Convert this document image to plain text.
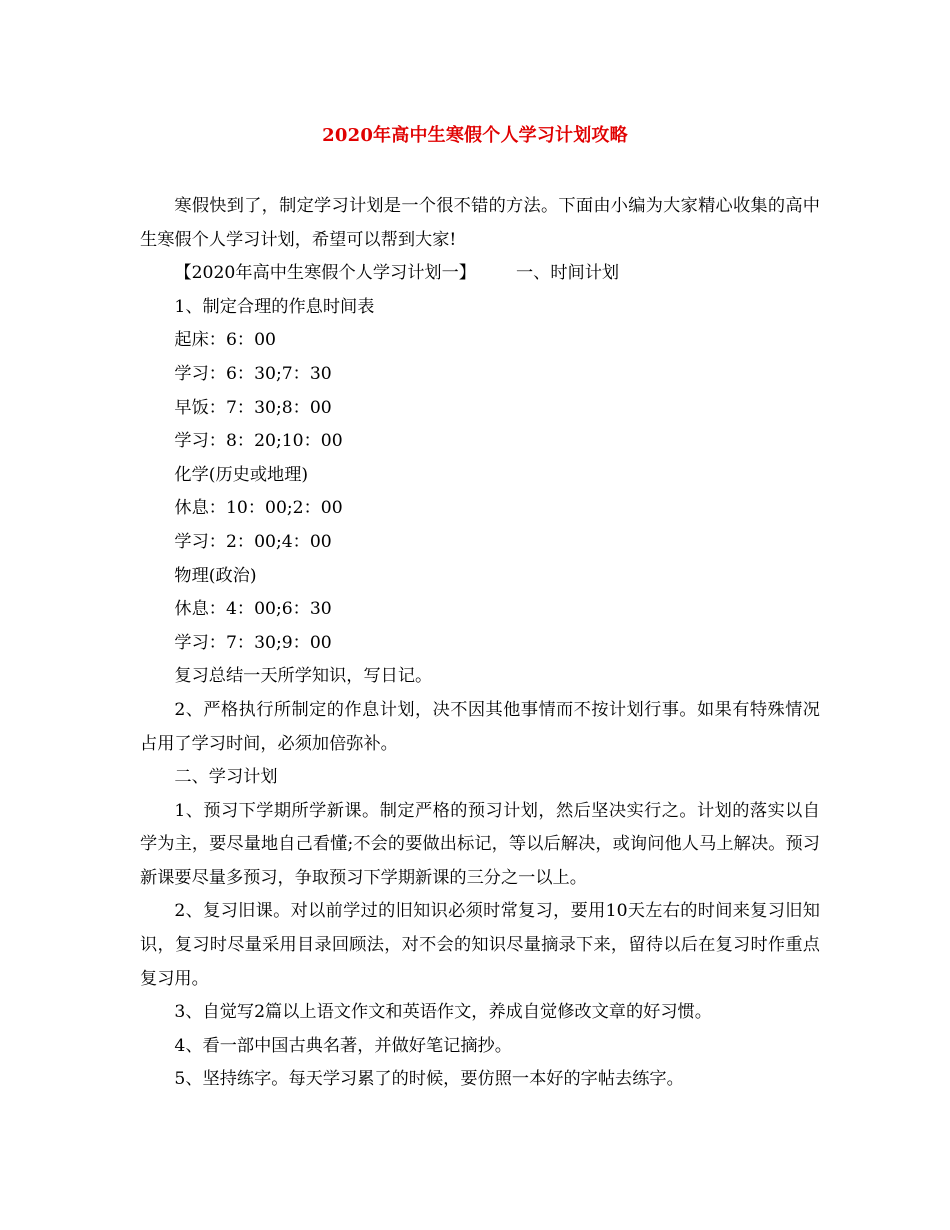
2020年高中生寒假个人学习计划攻略

寒假快到了，制定学习计划是一个很不错的方法。下面由小编为大家精心收集的高中生寒假个人学习计划，希望可以帮到大家!

【2020年高中生寒假个人学习计划一】 一、时间计划

1、制定合理的作息时间表

起床：6：00

学习：6：30;7：30

早饭：7：30;8：00

学习：8：20;10：00

化学(历史或地理)

休息：10：00;2：00

学习：2：00;4：00

物理(政治)

休息：4：00;6：30

学习：7：30;9：00

复习总结一天所学知识，写日记。

2、严格执行所制定的作息计划，决不因其他事情而不按计划行事。如果有特殊情况占用了学习时间，必须加倍弥补。

二、学习计划

1、预习下学期所学新课。制定严格的预习计划，然后坚决实行之。计划的落实以自学为主，要尽量地自己看懂;不会的要做出标记，等以后解决，或询问他人马上解决。预习新课要尽量多预习，争取预习下学期新课的三分之一以上。

2、复习旧课。对以前学过的旧知识必须时常复习，要用10天左右的时间来复习旧知识，复习时尽量采用目录回顾法，对不会的知识尽量摘录下来，留待以后在复习时作重点复习用。

3、自觉写2篇以上语文作文和英语作文，养成自觉修改文章的好习惯。

4、看一部中国古典名著，并做好笔记摘抄。

5、坚持练字。每天学习累了的时候，要仿照一本好的字帖去练字。
